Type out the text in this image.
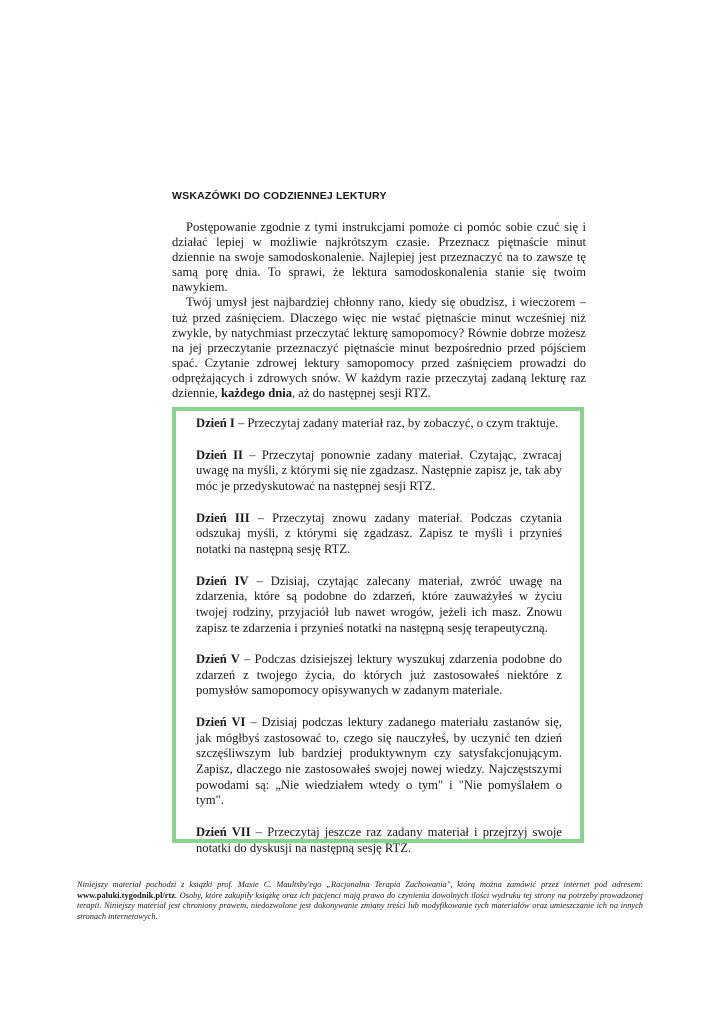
WSKAZÓWKI DO CODZIENNEJ LEKTURY

Postępowanie zgodnie z tymi instrukcjami pomoże ci pomóc sobie czuć się i działać lepiej w możliwie najkrótszym czasie. Przeznacz piętnaście minut dziennie na swoje samodoskonalenie. Najlepiej jest przeznaczyć na to zawsze tę samą porę dnia. To sprawi, że lektura samodoskonalenia stanie się twoim nawykiem.

Twój umysł jest najbardziej chłonny rano, kiedy się obudzisz, i wieczorem – tuż przed zaśnięciem. Dlaczego więc nie wstać piętnaście minut wcześniej niż zwykle, by natychmiast przeczytać lekturę samopomocy? Równie dobrze możesz na jej przeczytanie przeznaczyć piętnaście minut bezpośrednio przed pójściem spać. Czytanie zdrowej lektury samopomocy przed zaśnięciem prowadzi do odprężających i zdrowych snów. W każdym razie przeczytaj zadaną lekturę raz dziennie, każdego dnia, aż do następnej sesji RTZ.

Dzień I – Przeczytaj zadany materiał raz, by zobaczyć, o czym traktuje.

Dzień II – Przeczytaj ponownie zadany materiał. Czytając, zwracaj uwagę na myśli, z którymi się nie zgadzasz. Następnie zapisz je, tak aby móc je przedyskutować na następnej sesji RTZ.

Dzień III – Przeczytaj znowu zadany materiał. Podczas czytania odszukaj myśli, z którymi się zgadzasz. Zapisz te myśli i przynieś notatki na następną sesję RTZ.

Dzień IV – Dzisiaj, czytając zalecany materiał, zwróć uwagę na zdarzenia, które są podobne do zdarzeń, które zauważyłeś w życiu twojej rodziny, przyjaciół lub nawet wrogów, jeżeli ich masz. Znowu zapisz te zdarzenia i przynieś notatki na następną sesję terapeutyczną.

Dzień V – Podczas dzisiejszej lektury wyszukuj zdarzenia podobne do zdarzeń z twojego życia, do których już zastosowałeś niektóre z pomysłów samopomocy opisywanych w zadanym materiale.

Dzień VI – Dzisiaj podczas lektury zadanego materiału zastanów się, jak mógłbyś zastosować to, czego się nauczyłeś, by uczynić ten dzień szczęśliwszym lub bardziej produktywnym czy satysfakcjonującym. Zapisz, dlaczego nie zastosowałeś swojej nowej wiedzy. Najczęstszymi powodami są: „Nie wiedziałem wtedy o tym" i "Nie pomyślałem o tym".

Dzień VII – Przeczytaj jeszcze raz zadany materiał i przejrzyj swoje notatki do dyskusji na następną sesję RTZ.

Niniejszy materiał pochodzi z książki prof. Maxie C. Maultsby'ego „Racjonalna Terapia Zachowania", którą można zamówić przez internet pod adresem: www.paluki.tygodnik.pl/rtz. Osoby, które zakupiły książkę oraz ich pacjenci mają prawo do czynienia dowolnych ilości wydruku tej strony na potrzeby prowadzonej terapii. Niniejszy materiał jest chroniony prawem, niedozwolone jest dokonywanie zmiany treści lub modyfikowanie tych materiałów oraz umieszczanie ich na innych stronach internetowych.
